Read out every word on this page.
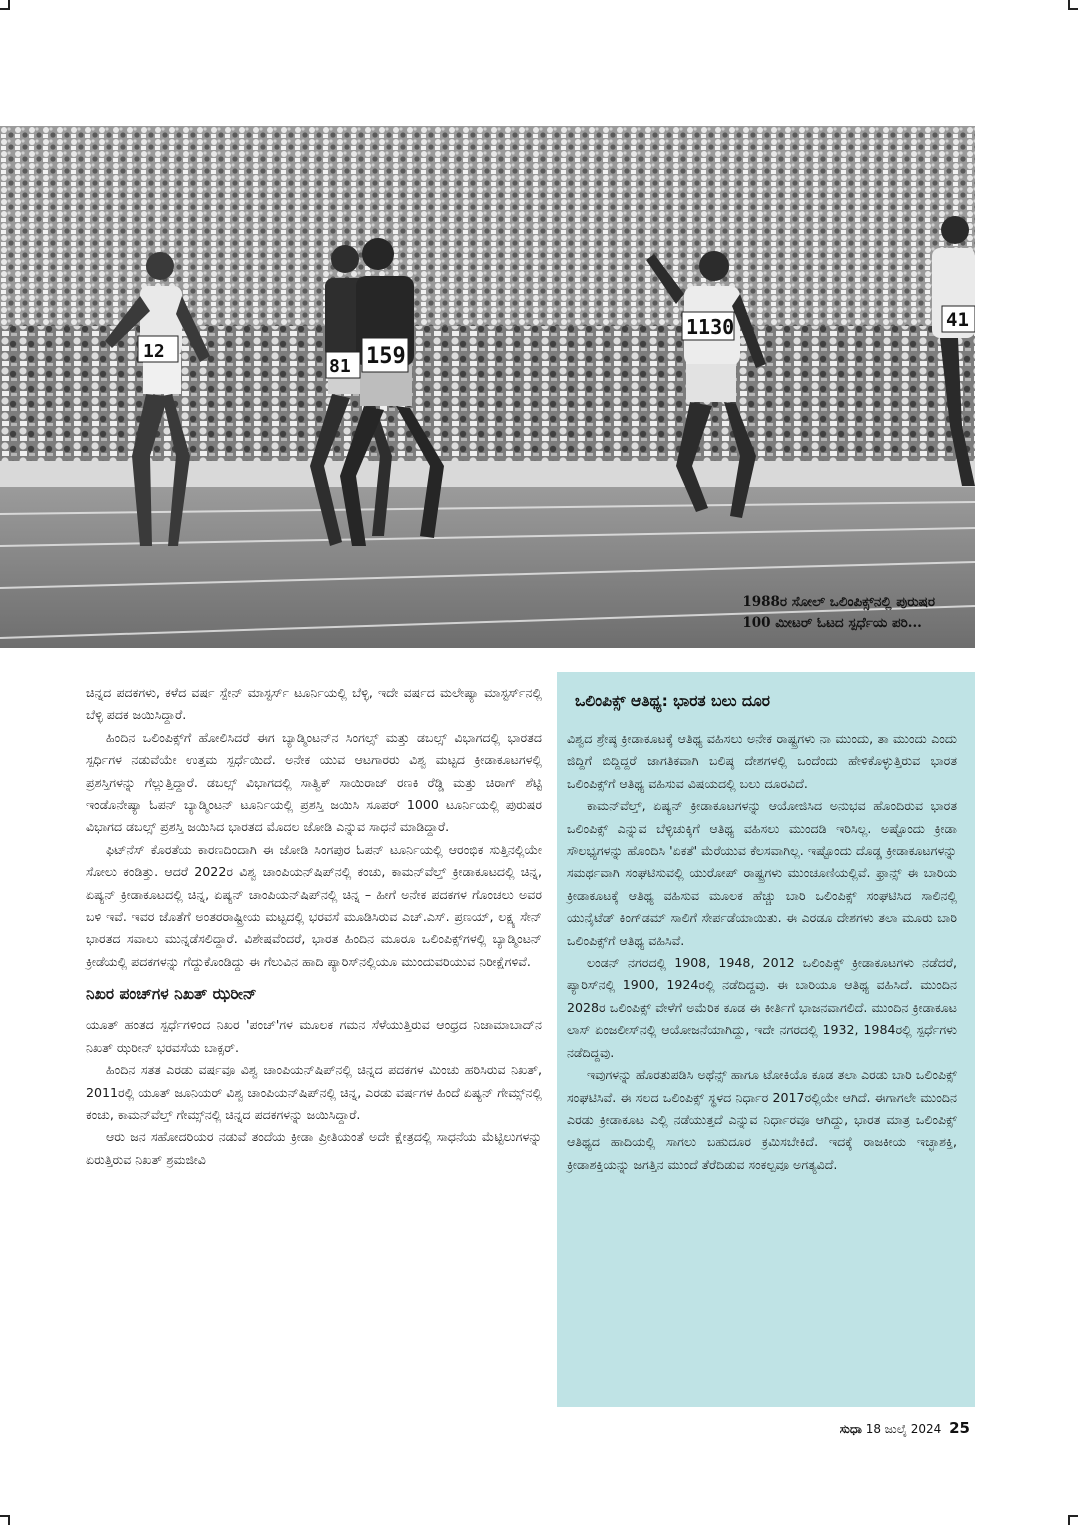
12
81 159
1130	41
1988ರ ಸೋಲ್ ಒಲಿಂಪಿಕ್ಸ್‌ನಲ್ಲಿ ಪುರುಷರ
100 ಮೀಟರ್ ಓಟದ ಸ್ಪರ್ಧೆಯ ಪರಿ...

ಚಿನ್ನದ ಪದಕಗಳು, ಕಳೆದ ವರ್ಷ ಸ್ಪೇನ್ ಮಾಸ್ಟರ್ಸ್ ಟೂರ್ನಿಯಲ್ಲಿ ಬೆಳ್ಳಿ, ಇದೇ ವರ್ಷದ ಮಲೇಷ್ಯಾ ಮಾಸ್ಟರ್ಸ್‌ನಲ್ಲಿ ಬೆಳ್ಳಿ ಪದಕ ಜಯಿಸಿದ್ದಾರೆ.

ಹಿಂದಿನ ಒಲಿಂಪಿಕ್ಸ್‌ಗೆ ಹೋಲಿಸಿದರೆ ಈಗ ಬ್ಯಾಡ್ಮಿಂಟನ್‌ನ ಸಿಂಗಲ್ಸ್ ಮತ್ತು ಡಬಲ್ಸ್ ವಿಭಾಗದಲ್ಲಿ ಭಾರತದ ಸ್ಪರ್ಧಿಗಳ ನಡುವೆಯೇ ಉತ್ತಮ ಸ್ಪರ್ಧೆಯಿದೆ. ಅನೇಕ ಯುವ ಆಟಗಾರರು ವಿಶ್ವ ಮಟ್ಟದ ಕ್ರೀಡಾಕೂಟಗಳಲ್ಲಿ ಪ್ರಶಸ್ತಿಗಳನ್ನು ಗೆಲ್ಲುತ್ತಿದ್ದಾರೆ. ಡಬಲ್ಸ್ ವಿಭಾಗದಲ್ಲಿ ಸಾತ್ವಿಕ್ ಸಾಯಿರಾಜ್ ರಣಕಿ ರೆಡ್ಡಿ ಮತ್ತು ಚಿರಾಗ್ ಶೆಟ್ಟಿ ಇಂಡೊನೇಷ್ಯಾ ಓಪನ್ ಬ್ಯಾಡ್ಮಿಂಟನ್ ಟೂರ್ನಿಯಲ್ಲಿ ಪ್ರಶಸ್ತಿ ಜಯಿಸಿ ಸೂಪರ್ 1000 ಟೂರ್ನಿಯಲ್ಲಿ ಪುರುಷರ ವಿಭಾಗದ ಡಬಲ್ಸ್ ಪ್ರಶಸ್ತಿ ಜಯಿಸಿದ ಭಾರತದ ಮೊದಲ ಜೋಡಿ ಎನ್ನುವ ಸಾಧನೆ ಮಾಡಿದ್ದಾರೆ.

ಫಿಟ್‌ನೆಸ್ ಕೊರತೆಯ ಕಾರಣದಿಂದಾಗಿ ಈ ಜೋಡಿ ಸಿಂಗಪುರ ಓಪನ್ ಟೂರ್ನಿಯಲ್ಲಿ ಆರಂಭಿಕ ಸುತ್ತಿನಲ್ಲಿಯೇ ಸೋಲು ಕಂಡಿತ್ತು. ಆದರೆ 2022ರ ವಿಶ್ವ ಚಾಂಪಿಯನ್‌ಷಿಪ್‌ನಲ್ಲಿ ಕಂಚು, ಕಾಮನ್‌ವೆಲ್ತ್ ಕ್ರೀಡಾಕೂಟದಲ್ಲಿ ಚಿನ್ನ, ಏಷ್ಯನ್ ಕ್ರೀಡಾಕೂಟದಲ್ಲಿ ಚಿನ್ನ, ಏಷ್ಯನ್ ಚಾಂಪಿಯನ್‌ಷಿಪ್‌ನಲ್ಲಿ ಚಿನ್ನ – ಹೀಗೆ ಅನೇಕ ಪದಕಗಳ ಗೊಂಚಲು ಅವರ ಬಳಿ ಇವೆ. ಇವರ ಜೊತೆಗೆ ಅಂತರರಾಷ್ಟ್ರೀಯ ಮಟ್ಟದಲ್ಲಿ ಭರವಸೆ ಮೂಡಿಸಿರುವ ಎಚ್.ಎಸ್. ಪ್ರಣಯ್, ಲಕ್ಷ್ಯ ಸೇನ್ ಭಾರತದ ಸವಾಲು ಮುನ್ನಡೆಸಲಿದ್ದಾರೆ. ವಿಶೇಷವೆಂದರೆ, ಭಾರತ ಹಿಂದಿನ ಮೂರೂ ಒಲಿಂಪಿಕ್ಸ್‌ಗಳಲ್ಲಿ ಬ್ಯಾಡ್ಮಿಂಟನ್ ಕ್ರೀಡೆಯಲ್ಲಿ ಪದಕಗಳನ್ನು ಗೆದ್ದುಕೊಂಡಿದ್ದು ಈ ಗೆಲುವಿನ ಹಾದಿ ಪ್ಯಾರಿಸ್‌ನಲ್ಲಿಯೂ ಮುಂದುವರಿಯುವ ನಿರೀಕ್ಷೆಗಳಿವೆ.

ನಿಖರ ಪಂಚ್‌ಗಳ ನಿಖತ್ ಝರೀನ್

ಯೂತ್ ಹಂತದ ಸ್ಪರ್ಧೆಗಳಿಂದ ನಿಖರ 'ಪಂಚ್'ಗಳ ಮೂಲಕ ಗಮನ ಸೆಳೆಯುತ್ತಿರುವ ಆಂಧ್ರದ ನಿಜಾಮಾಬಾದ್‌ನ ನಿಖತ್ ಝರೀನ್ ಭರವಸೆಯ ಬಾಕ್ಸರ್.

ಹಿಂದಿನ ಸತತ ಎರಡು ವರ್ಷವೂ ವಿಶ್ವ ಚಾಂಪಿಯನ್‌ಷಿಪ್‌ನಲ್ಲಿ ಚಿನ್ನದ ಪದಕಗಳ ಮಿಂಚು ಹರಿಸಿರುವ ನಿಖತ್, 2011ರಲ್ಲಿ ಯೂತ್ ಜೂನಿಯರ್ ವಿಶ್ವ ಚಾಂಪಿಯನ್‌ಷಿಪ್‌ನಲ್ಲಿ ಚಿನ್ನ, ಎರಡು ವರ್ಷಗಳ ಹಿಂದೆ ಏಷ್ಯನ್ ಗೇಮ್ಸ್‌ನಲ್ಲಿ ಕಂಚು, ಕಾಮನ್‌ವೆಲ್ತ್ ಗೇಮ್ಸ್‌ನಲ್ಲಿ ಚಿನ್ನದ ಪದಕಗಳನ್ನು ಜಯಿಸಿದ್ದಾರೆ.

ಆರು ಜನ ಸಹೋದರಿಯರ ನಡುವೆ ತಂದೆಯ ಕ್ರೀಡಾ ಪ್ರೀತಿಯಂತೆ ಅದೇ ಕ್ಷೇತ್ರದಲ್ಲಿ ಸಾಧನೆಯ ಮೆಟ್ಟಿಲುಗಳನ್ನು ಏರುತ್ತಿರುವ ನಿಖತ್ ಶ್ರಮಜೀವಿ

ಒಲಿಂಪಿಕ್ಸ್ ಆತಿಥ್ಯ: ಭಾರತ ಬಲು ದೂರ

ವಿಶ್ವದ ಶ್ರೇಷ್ಠ ಕ್ರೀಡಾಕೂಟಕ್ಕೆ ಆತಿಥ್ಯ ವಹಿಸಲು ಅನೇಕ ರಾಷ್ಟ್ರಗಳು ನಾ ಮುಂದು, ತಾ ಮುಂದು ಎಂದು ಜಿದ್ದಿಗೆ ಬಿದ್ದಿದ್ದರೆ ಜಾಗತಿಕವಾಗಿ ಬಲಿಷ್ಠ ದೇಶಗಳಲ್ಲಿ ಒಂದೆಂದು ಹೇಳಿಕೊಳ್ಳುತ್ತಿರುವ ಭಾರತ ಒಲಿಂಪಿಕ್ಸ್‌ಗೆ ಆತಿಥ್ಯ ವಹಿಸುವ ವಿಷಯದಲ್ಲಿ ಬಲು ದೂರವಿದೆ.

ಕಾಮನ್‌ವೆಲ್ತ್, ಏಷ್ಯನ್ ಕ್ರೀಡಾಕೂಟಗಳನ್ನು ಆಯೋಜಿಸಿದ ಅನುಭವ ಹೊಂದಿರುವ ಭಾರತ ಒಲಿಂಪಿಕ್ಸ್ ಎನ್ನುವ ಬೆಳ್ಳಿಚುಕ್ಕಿಗೆ ಆತಿಥ್ಯ ವಹಿಸಲು ಮುಂದಡಿ ಇರಿಸಿಲ್ಲ. ಅಷ್ಟೊಂದು ಕ್ರೀಡಾ ಸೌಲಭ್ಯಗಳನ್ನು ಹೊಂದಿಸಿ 'ಏಕತೆ' ಮೆರೆಯುವ ಕೆಲಸವಾಗಿಲ್ಲ. ಇಷ್ಟೊಂದು ದೊಡ್ಡ ಕ್ರೀಡಾಕೂಟಗಳನ್ನು ಸಮರ್ಥವಾಗಿ ಸಂಘಟಿಸುವಲ್ಲಿ ಯುರೋಪ್ ರಾಷ್ಟ್ರಗಳು ಮುಂಚೂಣಿಯಲ್ಲಿವೆ. ಫ್ರಾನ್ಸ್ ಈ ಬಾರಿಯ ಕ್ರೀಡಾಕೂಟಕ್ಕೆ ಆತಿಥ್ಯ ವಹಿಸುವ ಮೂಲಕ ಹೆಚ್ಚು ಬಾರಿ ಒಲಿಂಪಿಕ್ಸ್ ಸಂಘಟಿಸಿದ ಸಾಲಿನಲ್ಲಿ ಯುನೈಟೆಡ್ ಕಿಂಗ್‌ಡಮ್ ಸಾಲಿಗೆ ಸೇರ್ಪಡೆಯಾಯಿತು. ಈ ಎರಡೂ ದೇಶಗಳು ತಲಾ ಮೂರು ಬಾರಿ ಒಲಿಂಪಿಕ್ಸ್‌ಗೆ ಆತಿಥ್ಯ ವಹಿಸಿವೆ.

ಲಂಡನ್ ನಗರದಲ್ಲಿ 1908, 1948, 2012 ಒಲಿಂಪಿಕ್ಸ್ ಕ್ರೀಡಾಕೂಟಗಳು ನಡೆದರೆ, ಪ್ಯಾರಿಸ್‌ನಲ್ಲಿ 1900, 1924ರಲ್ಲಿ ನಡೆದಿದ್ದವು. ಈ ಬಾರಿಯೂ ಆತಿಥ್ಯ ವಹಿಸಿದೆ. ಮುಂದಿನ 2028ರ ಒಲಿಂಪಿಕ್ಸ್ ವೇಳೆಗೆ ಅಮೆರಿಕ ಕೂಡ ಈ ಕೀರ್ತಿಗೆ ಭಾಜನವಾಗಲಿದೆ. ಮುಂದಿನ ಕ್ರೀಡಾಕೂಟ ಲಾಸ್ ಏಂಜಲೀಸ್‌ನಲ್ಲಿ ಆಯೋಜನೆಯಾಗಿದ್ದು, ಇದೇ ನಗರದಲ್ಲಿ 1932, 1984ರಲ್ಲಿ ಸ್ಪರ್ಧೆಗಳು ನಡೆದಿದ್ದವು.

ಇವುಗಳನ್ನು ಹೊರತುಪಡಿಸಿ ಅಥೆನ್ಸ್ ಹಾಗೂ ಟೋಕಿಯೊ ಕೂಡ ತಲಾ ಎರಡು ಬಾರಿ ಒಲಿಂಪಿಕ್ಸ್ ಸಂಘಟಿಸಿವೆ. ಈ ಸಲದ ಒಲಿಂಪಿಕ್ಸ್ ಸ್ಥಳದ ನಿರ್ಧಾರ 2017ರಲ್ಲಿಯೇ ಆಗಿದೆ. ಈಗಾಗಲೇ ಮುಂದಿನ ಎರಡು ಕ್ರೀಡಾಕೂಟ ಎಲ್ಲಿ ನಡೆಯುತ್ತದೆ ಎನ್ನುವ ನಿರ್ಧಾರವೂ ಆಗಿದ್ದು, ಭಾರತ ಮಾತ್ರ ಒಲಿಂಪಿಕ್ಸ್ ಆತಿಥ್ಯದ ಹಾದಿಯಲ್ಲಿ ಸಾಗಲು ಬಹುದೂರ ಕ್ರಮಿಸಬೇಕಿದೆ. ಇದಕ್ಕೆ ರಾಜಕೀಯ ಇಚ್ಛಾಶಕ್ತಿ, ಕ್ರೀಡಾಶಕ್ತಿಯನ್ನು ಜಗತ್ತಿನ ಮುಂದೆ ತೆರೆದಿಡುವ ಸಂಕಲ್ಪವೂ ಅಗತ್ಯವಿದೆ.

ಸುಧಾ 18 ಜುಲೈ 2024 25
